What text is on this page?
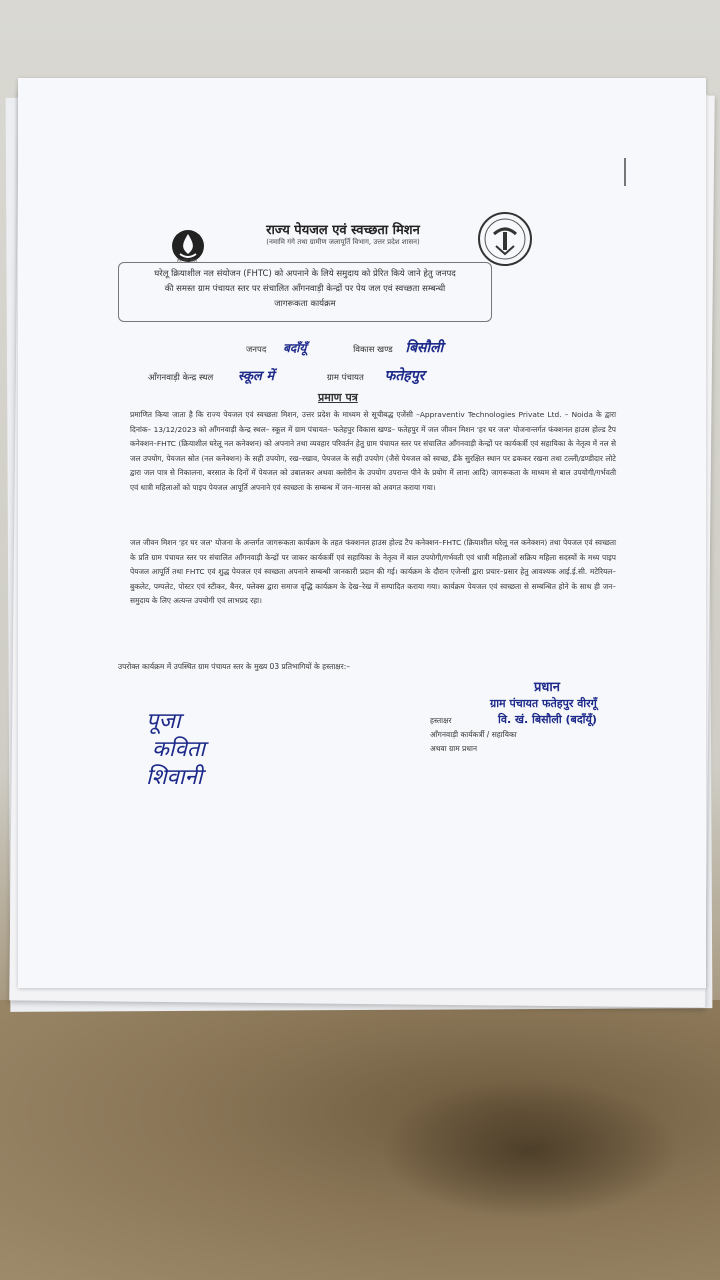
हर घर जल
राज्य पेयजल एवं स्वच्छता मिशन
(नमामि गंगे तथा ग्रामीण जलापूर्ति विभाग, उत्तर प्रदेश शासन)
घरेलू क्रियाशील नल संयोजन (FHTC) को अपनाने के लिये समुदाय को प्रेरित किये जाने हेतु जनपद
की समस्त ग्राम पंचायत स्तर पर संचालित आँगनवाड़ी केन्द्रों पर पेय जल एवं स्वच्छता सम्बन्धी
जागरूकता कार्यक्रम
जनपद बदाँयूँ	विकास खण्ड बिसौली
आँगनवाड़ी केन्द्र स्थल स्कूल में	ग्राम पंचायत फतेहपुर
प्रमाण पत्र
प्रमाणित किया जाता है कि राज्य पेयजल एवं स्वच्छता मिशन, उत्तर प्रदेश के माध्यम से सूचीबद्ध एजेंसी –Appraventiv Technologies Private Ltd. – Noida के द्वारा दिनांक– 13/12/2023 को आँगनवाड़ी केन्द्र स्थल– स्कूल में ग्राम पंचायत– फतेहपुर विकास खण्ड– फतेहपुर में जल जीवन मिशन 'हर घर जल' योजनान्तर्गत फंक्शनल हाउस होल्ड टैप कनेक्शन–FHTC (क्रियाशील घरेलू नल कनेक्शन) को अपनाने तथा व्यवहार परिवर्तन हेतु ग्राम पंचायत स्तर पर संचालित आँगनवाड़ी केन्द्रों पर कार्यकर्त्री एवं सहायिका के नेतृत्व में नल से जल उपयोग, पेयजल स्रोत (नल कनेक्शन) के सही उपयोग, रख–रखाव, पेयजल के सही उपयोग (जैसे पेयजल को स्वच्छ, ढँके सुरक्षित स्थान पर ढककर रखना तथा टल्ली/डण्डीदार लोटे द्वारा जल पात्र से निकालना, बरसात के दिनों में पेयजल को उबालकर अथवा क्लोरीन के उपयोग उपरान्त पीने के प्रयोग में लाना आदि) जागरूकता के माध्यम से बाल उपयोगी/गर्भवती एवं धात्री महिलाओं को पाइप पेयजल आपूर्ति अपनाने एवं स्वच्छता के सम्बन्ध में जन–मानस को अवगत कराया गया।
जल जीवन मिशन 'हर घर जल' योजना के अन्तर्गत जागरूकता कार्यक्रम के तहत फंक्शनल हाउस होल्ड टैप कनेक्शन–FHTC (क्रियाशील घरेलू नल कनेक्शन) तथा पेयजल एवं स्वच्छता के प्रति ग्राम पंचायत स्तर पर संचालित आँगनवाड़ी केन्द्रों पर जाकर कार्यकर्त्री एवं सहायिका के नेतृत्व में बाल उपयोगी/गर्भवती एवं धात्री महिलाओं सक्रिय महिला सदस्यों के मध्य पाइप पेयजल आपूर्ति तथा FHTC एवं शुद्ध पेयजल एवं स्वच्छता अपनाने सम्बन्धी जानकारी प्रदान की गई। कार्यक्रम के दौरान एजेन्सी द्वारा प्रचार–प्रसार हेतु आवश्यक आई.ई.सी. मटेरियल–बुकलेट, पम्पलेट, पोस्टर एवं स्टीकर, बैनर, फ्लेक्स द्वारा समाज वृद्धि कार्यक्रम के देख–रेख में सम्पादित कराया गया। कार्यक्रम पेयजल एवं स्वच्छता से सम्बन्धित होने के साथ ही जन–समुदाय के लिए अत्यन्त उपयोगी एवं लाभप्रद रहा।
उपरोक्त कार्यक्रम में उपस्थित ग्राम पंचायत स्तर के मुख्य 03 प्रतिभागियों के हस्ताक्षर:–
पूजा
कविता
शिवानी
हस्ताक्षर
आँगनवाड़ी कार्यकर्त्री / सहायिका
अथवा ग्राम प्रधान
प्रधान
ग्राम पंचायत फतेहपुर वीरगूँ
वि. खं. बिसौली (बदाँयूँ)
